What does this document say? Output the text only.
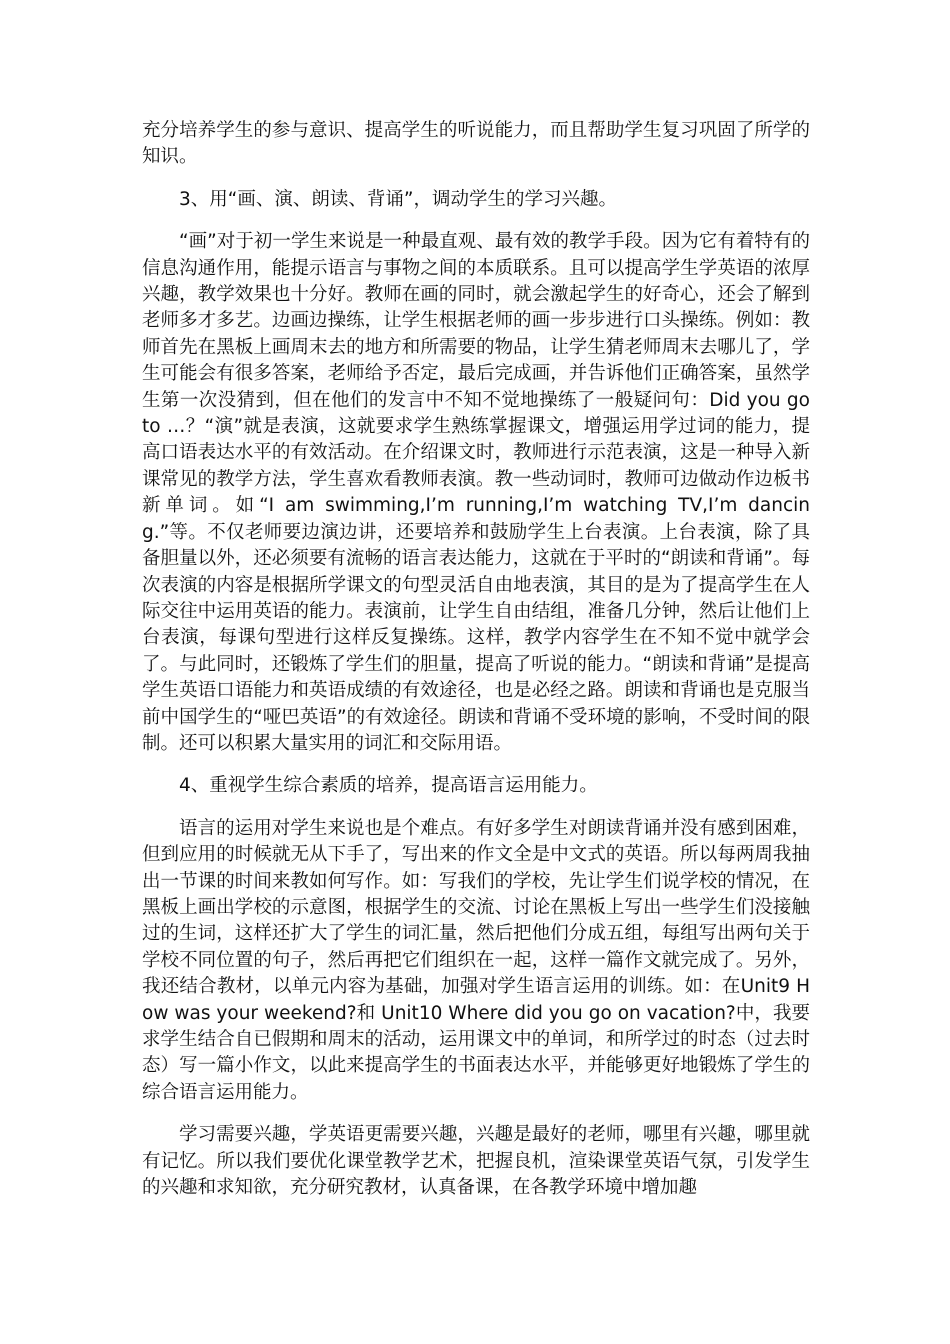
充分培养学生的参与意识、提高学生的听说能力，而且帮助学生复习巩固了所学的知识。

3、用“画、演、朗读、背诵”，调动学生的学习兴趣。

“画”对于初一学生来说是一种最直观、最有效的教学手段。因为它有着特有的信息沟通作用，能提示语言与事物之间的本质联系。且可以提高学生学英语的浓厚兴趣，教学效果也十分好。教师在画的同时，就会激起学生的好奇心，还会了解到老师多才多艺。边画边操练，让学生根据老师的画一步步进行口头操练。例如：教师首先在黑板上画周末去的地方和所需要的物品，让学生猜老师周末去哪儿了，学生可能会有很多答案，老师给予否定，最后完成画，并告诉他们正确答案，虽然学生第一次没猜到，但在他们的发言中不知不觉地操练了一般疑问句：Did you go to …？“演”就是表演，这就要求学生熟练掌握课文，增强运用学过词的能力，提高口语表达水平的有效活动。在介绍课文时，教师进行示范表演，这是一种导入新课常见的教学方法，学生喜欢看教师表演。教一些动词时，教师可边做动作边板书新单词。如“I am swimming,I’m running,I’m watching TV,I’m dancing.”等。不仅老师要边演边讲，还要培养和鼓励学生上台表演。上台表演，除了具备胆量以外，还必须要有流畅的语言表达能力，这就在于平时的“朗读和背诵”。每次表演的内容是根据所学课文的句型灵活自由地表演，其目的是为了提高学生在人际交往中运用英语的能力。表演前，让学生自由结组，准备几分钟，然后让他们上台表演，每课句型进行这样反复操练。这样，教学内容学生在不知不觉中就学会了。与此同时，还锻炼了学生们的胆量，提高了听说的能力。“朗读和背诵”是提高学生英语口语能力和英语成绩的有效途径，也是必经之路。朗读和背诵也是克服当前中国学生的“哑巴英语”的有效途径。朗读和背诵不受环境的影响，不受时间的限制。还可以积累大量实用的词汇和交际用语。

4、重视学生综合素质的培养，提高语言运用能力。

语言的运用对学生来说也是个难点。有好多学生对朗读背诵并没有感到困难，但到应用的时候就无从下手了，写出来的作文全是中文式的英语。所以每两周我抽出一节课的时间来教如何写作。如：写我们的学校，先让学生们说学校的情况，在黑板上画出学校的示意图，根据学生的交流、讨论在黑板上写出一些学生们没接触过的生词，这样还扩大了学生的词汇量，然后把他们分成五组，每组写出两句关于学校不同位置的句子，然后再把它们组织在一起，这样一篇作文就完成了。另外，我还结合教材，以单元内容为基础，加强对学生语言运用的训练。如：在Unit9 How was your weekend?和 Unit10 Where did you go on vacation?中，我要求学生结合自已假期和周末的活动，运用课文中的单词，和所学过的时态（过去时态）写一篇小作文，以此来提高学生的书面表达水平，并能够更好地锻炼了学生的综合语言运用能力。

学习需要兴趣，学英语更需要兴趣，兴趣是最好的老师，哪里有兴趣，哪里就有记忆。所以我们要优化课堂教学艺术，把握良机，渲染课堂英语气氛，引发学生的兴趣和求知欲，充分研究教材，认真备课，在各教学环境中增加趣
